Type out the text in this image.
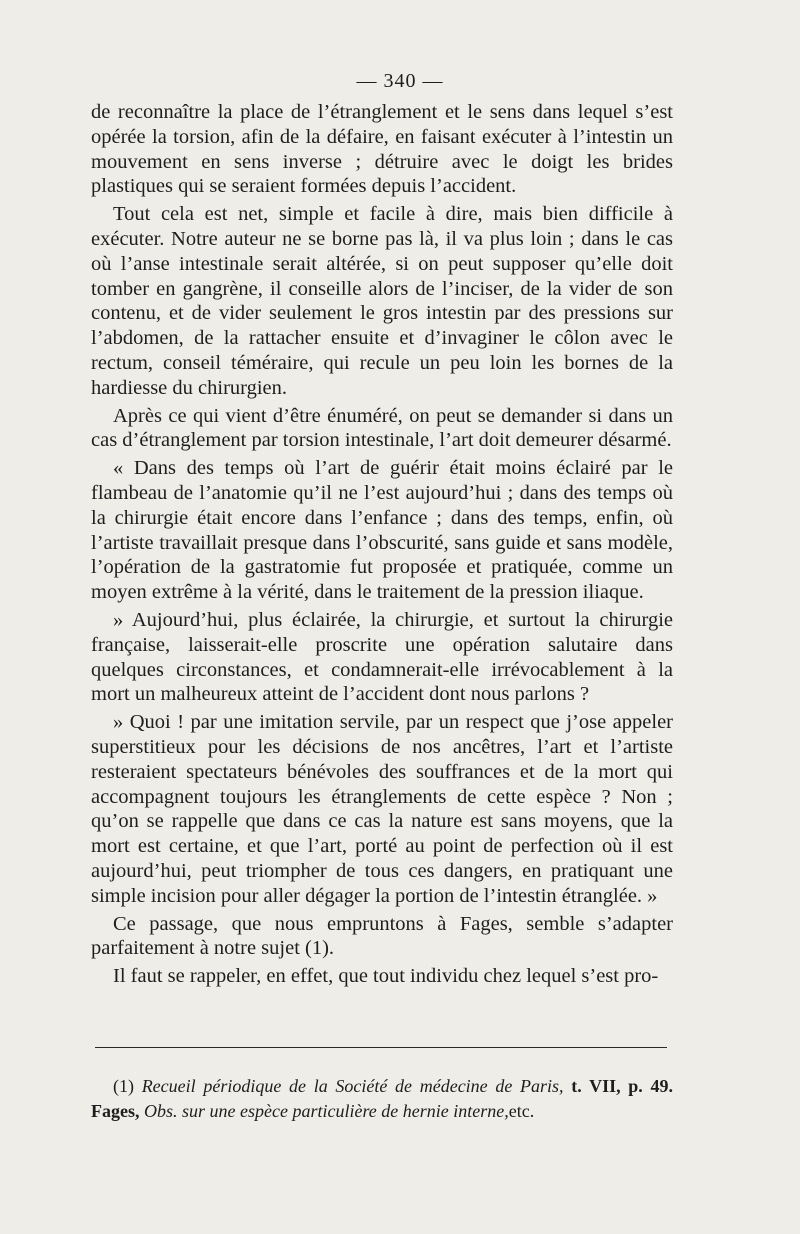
— 340 —

de reconnaître la place de l’étranglement et le sens dans lequel s’est opérée la torsion, afin de la défaire, en faisant exécuter à l’intestin un mouvement en sens inverse ; détruire avec le doigt les brides plastiques qui se seraient formées depuis l’accident.

Tout cela est net, simple et facile à dire, mais bien difficile à exécuter. Notre auteur ne se borne pas là, il va plus loin ; dans le cas où l’anse intestinale serait altérée, si on peut supposer qu’elle doit tomber en gangrène, il conseille alors de l’inciser, de la vider de son contenu, et de vider seulement le gros intestin par des pressions sur l’abdomen, de la rattacher ensuite et d’invaginer le côlon avec le rectum, conseil téméraire, qui recule un peu loin les bornes de la hardiesse du chirurgien.

Après ce qui vient d’être énuméré, on peut se demander si dans un cas d’étranglement par torsion intestinale, l’art doit demeurer désarmé.

« Dans des temps où l’art de guérir était moins éclairé par le flambeau de l’anatomie qu’il ne l’est aujourd’hui ; dans des temps où la chirurgie était encore dans l’enfance ; dans des temps, enfin, où l’artiste travaillait presque dans l’obscurité, sans guide et sans modèle, l’opération de la gastratomie fut proposée et pratiquée, comme un moyen extrême à la vérité, dans le traitement de la pression iliaque.

» Aujourd’hui, plus éclairée, la chirurgie, et surtout la chirurgie française, laisserait-elle proscrite une opération salutaire dans quelques circonstances, et condamnerait-elle irrévocablement à la mort un malheureux atteint de l’accident dont nous parlons ?

» Quoi ! par une imitation servile, par un respect que j’ose appeler superstitieux pour les décisions de nos ancêtres, l’art et l’artiste resteraient spectateurs bénévoles des souffrances et de la mort qui accompagnent toujours les étranglements de cette espèce ? Non ; qu’on se rappelle que dans ce cas la nature est sans moyens, que la mort est certaine, et que l’art, porté au point de perfection où il est aujourd’hui, peut triompher de tous ces dangers, en pratiquant une simple incision pour aller dégager la portion de l’intestin étranglée. »

Ce passage, que nous empruntons à Fages, semble s’adapter parfaitement à notre sujet (1).

Il faut se rappeler, en effet, que tout individu chez lequel s’est pro-

(1) Recueil périodique de la Société de médecine de Paris, t. VII, p. 49. Fages, Obs. sur une espèce particulière de hernie interne,etc.
